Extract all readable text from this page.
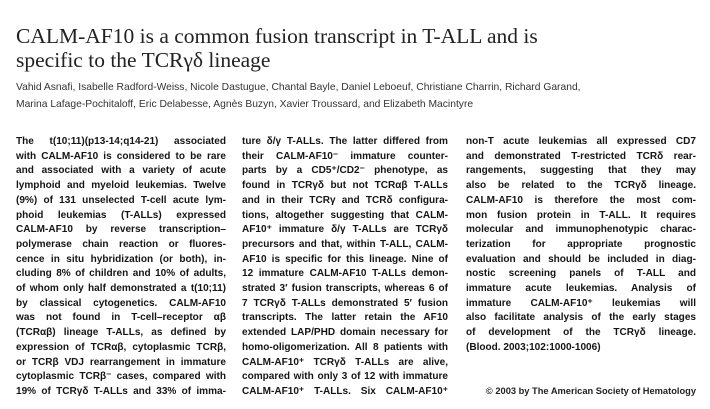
CALM-AF10 is a common fusion transcript in T-ALL and is
specific to the TCRγδ lineage
Vahid Asnafi, Isabelle Radford-Weiss, Nicole Dastugue, Chantal Bayle, Daniel Leboeuf, Christiane Charrin, Richard Garand,
Marina Lafage-Pochitaloff, Eric Delabesse, Agnès Buzyn, Xavier Troussard, and Elizabeth Macintyre
The t(10;11)(p13-14;q14-21) associated
with CALM-AF10 is considered to be rare
and associated with a variety of acute
lymphoid and myeloid leukemias. Twelve
(9%) of 131 unselected T-cell acute lym-
phoid leukemias (T-ALLs) expressed
CALM-AF10 by reverse transcription–
polymerase chain reaction or fluores-
cence in situ hybridization (or both), in-
cluding 8% of children and 10% of adults,
of whom only half demonstrated a t(10;11)
by classical cytogenetics. CALM-AF10
was not found in T-cell–receptor αβ
(TCRαβ) lineage T-ALLs, as defined by
expression of TCRαβ, cytoplasmic TCRβ,
or TCRβ VDJ rearrangement in immature
cytoplasmic TCRβ⁻ cases, compared with
19% of TCRγδ T-ALLs and 33% of imma-
ture δ/γ T-ALLs. The latter differed from
their CALM-AF10⁻ immature counter-
parts by a CD5⁺/CD2⁻ phenotype, as
found in TCRγδ but not TCRαβ T-ALLs
and in their TCRγ and TCRδ configura-
tions, altogether suggesting that CALM-
AF10⁺ immature δ/γ T-ALLs are TCRγδ
precursors and that, within T-ALL, CALM-
AF10 is specific for this lineage. Nine of
12 immature CALM-AF10 T-ALLs demon-
strated 3′ fusion transcripts, whereas 6 of
7 TCRγδ T-ALLs demonstrated 5′ fusion
transcripts. The latter retain the AF10
extended LAP/PHD domain necessary for
homo-oligomerization. All 8 patients with
CALM-AF10⁺ TCRγδ T-ALLs are alive,
compared with only 3 of 12 with immature
CALM-AF10⁺ T-ALLs. Six CALM-AF10⁺
non-T acute leukemias all expressed CD7
and demonstrated T-restricted TCRδ rear-
rangements, suggesting that they may
also be related to the TCRγδ lineage.
CALM-AF10 is therefore the most com-
mon fusion protein in T-ALL. It requires
molecular and immunophenotypic charac-
terization for appropriate prognostic
evaluation and should be included in diag-
nostic screening panels of T-ALL and
immature acute leukemias. Analysis of
immature CALM-AF10⁺ leukemias will
also facilitate analysis of the early stages
of development of the TCRγδ lineage.
(Blood. 2003;102:1000-1006)
© 2003 by The American Society of Hematology
